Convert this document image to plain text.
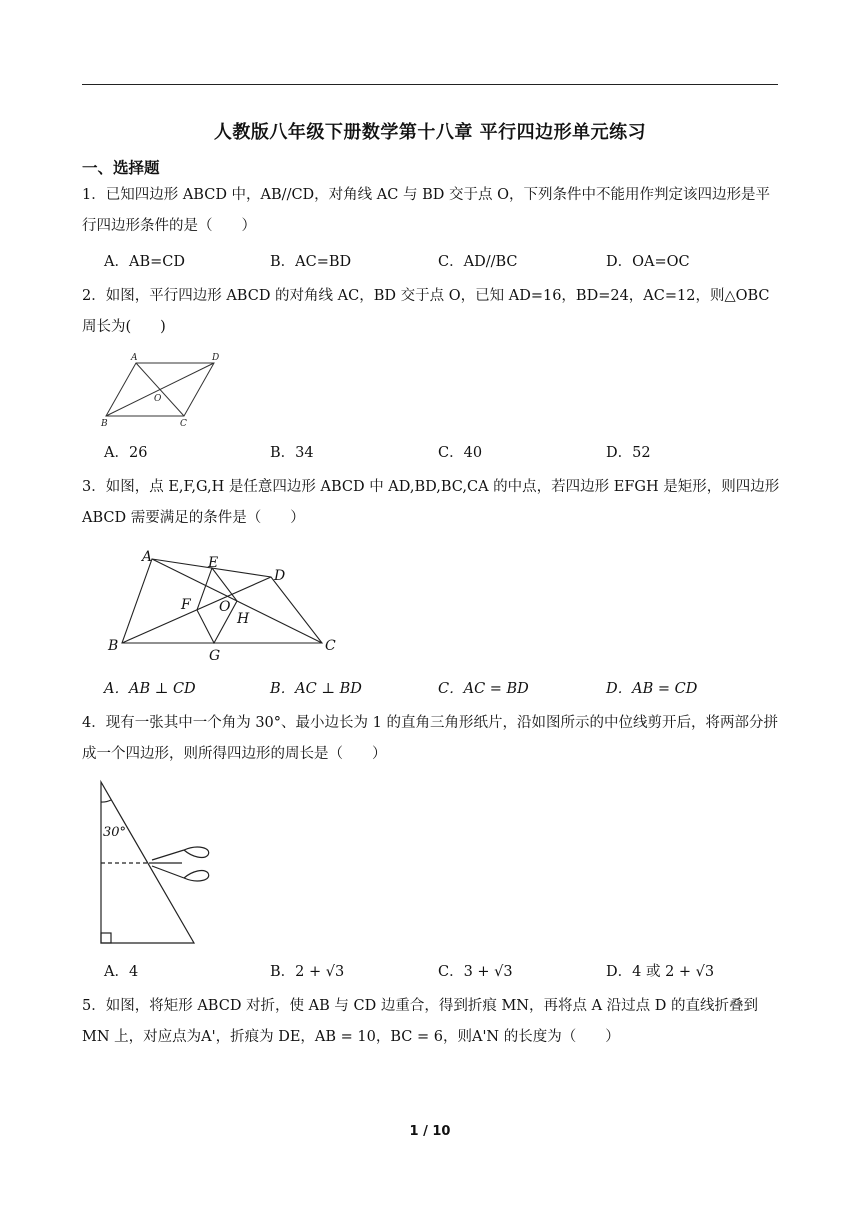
人教版八年级下册数学第十八章 平行四边形单元练习
一、选择题
1．已知四边形 ABCD 中，AB//CD，对角线 AC 与 BD 交于点 O，下列条件中不能用作判定该四边形是平行四边形条件的是（　　）
A．AB=CD	B．AC=BD	C．AD//BC	D．OA=OC
2．如图，平行四边形 ABCD 的对角线 AC，BD 交于点 O，已知 AD=16，BD=24，AC=12，则△OBC 周长为(　　)
A	D
O
B	C
A．26	B．34	C．40	D．52
3．如图，点 E,F,G,H 是任意四边形 ABCD 中 AD,BD,BC,CA 的中点，若四边形 EFGH 是矩形，则四边形 ABCD 需要满足的条件是（　　）
A	E
D
F O
H
B
G
C
A．AB ⊥ CD	B．AC ⊥ BD	C．AC = BD	D．AB = CD
4．现有一张其中一个角为 30°、最小边长为 1 的直角三角形纸片，沿如图所示的中位线剪开后，将两部分拼成一个四边形，则所得四边形的周长是（　　）
30°
A．4	B．2 + √3	C．3 + √3	D．4 或 2 + √3
5．如图，将矩形 ABCD 对折，使 AB 与 CD 边重合，得到折痕 MN，再将点 A 沿过点 D 的直线折叠到 MN 上，对应点为A'，折痕为 DE，AB = 10，BC = 6，则A'N 的长度为（　　）
1 / 10
